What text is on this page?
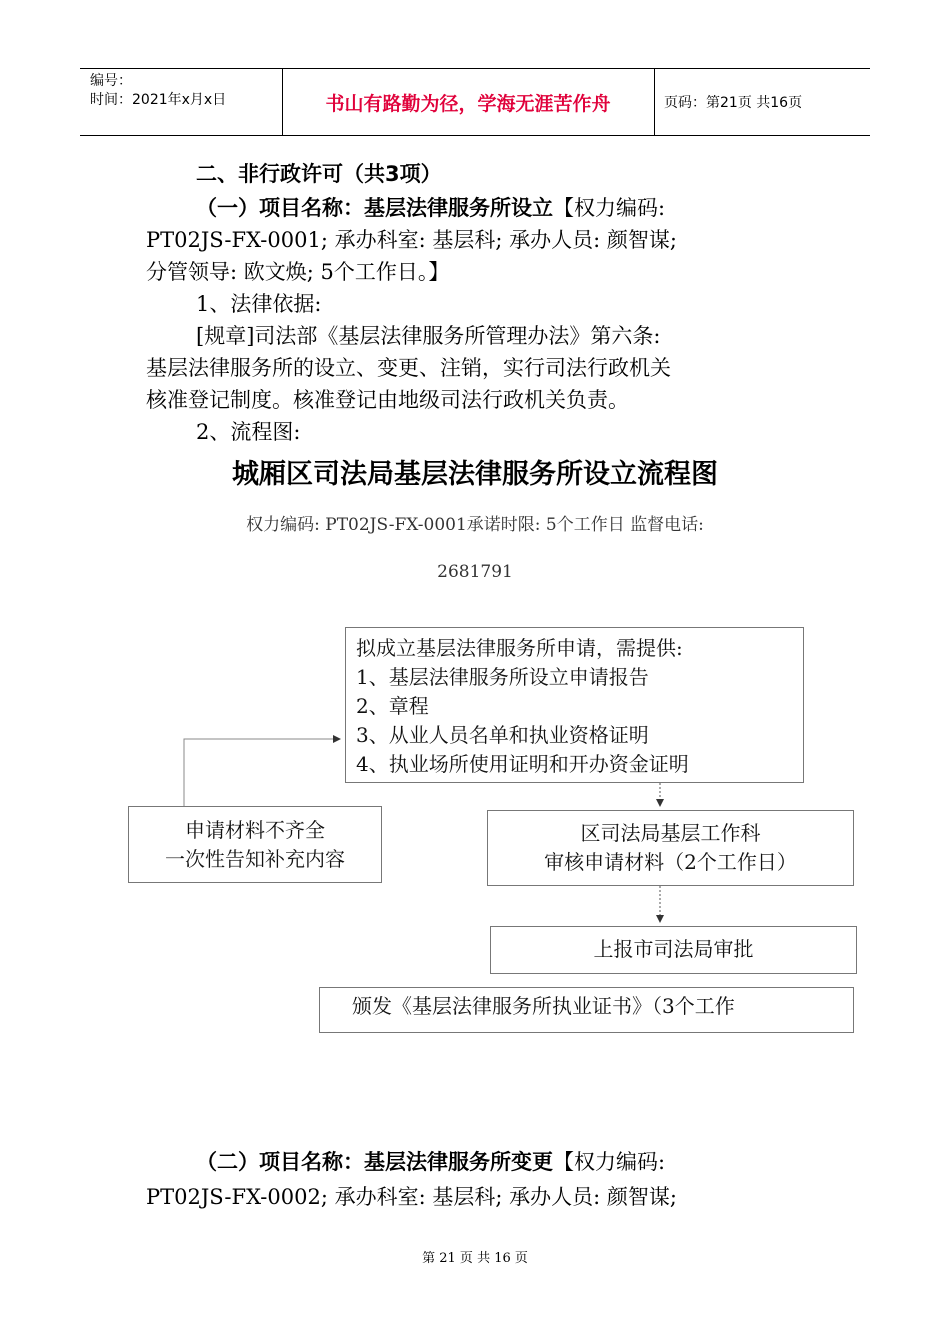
编号：
时间：2021年x月x日	书山有路勤为径，学海无涯苦作舟	页码：第21页 共16页
二、非行政许可（共3项）
（一）项目名称：基层法律服务所设立【权力编码:
PT02JS-FX-0001; 承办科室: 基层科; 承办人员: 颜智谋;
分管领导: 欧文焕; 5个工作日。】
1、法律依据:
[规章]司法部《基层法律服务所管理办法》第六条:
基层法律服务所的设立、变更、注销，实行司法行政机关
核准登记制度。核准登记由地级司法行政机关负责。
2、流程图:
城厢区司法局基层法律服务所设立流程图
权力编码: PT02JS-FX-0001承诺时限: 5个工作日 监督电话:
2681791
拟成立基层法律服务所申请，需提供:
1、基层法律服务所设立申请报告
2、章程
3、从业人员名单和执业资格证明
4、执业场所使用证明和开办资金证明
申请材料不齐全
一次性告知补充内容
区司法局基层工作科
审核申请材料（2个工作日）
上报市司法局审批
颁发《基层法律服务所执业证书》（3个工作
（二）项目名称：基层法律服务所变更【权力编码:
PT02JS-FX-0002; 承办科室: 基层科; 承办人员: 颜智谋;
第 21 页 共 16 页
